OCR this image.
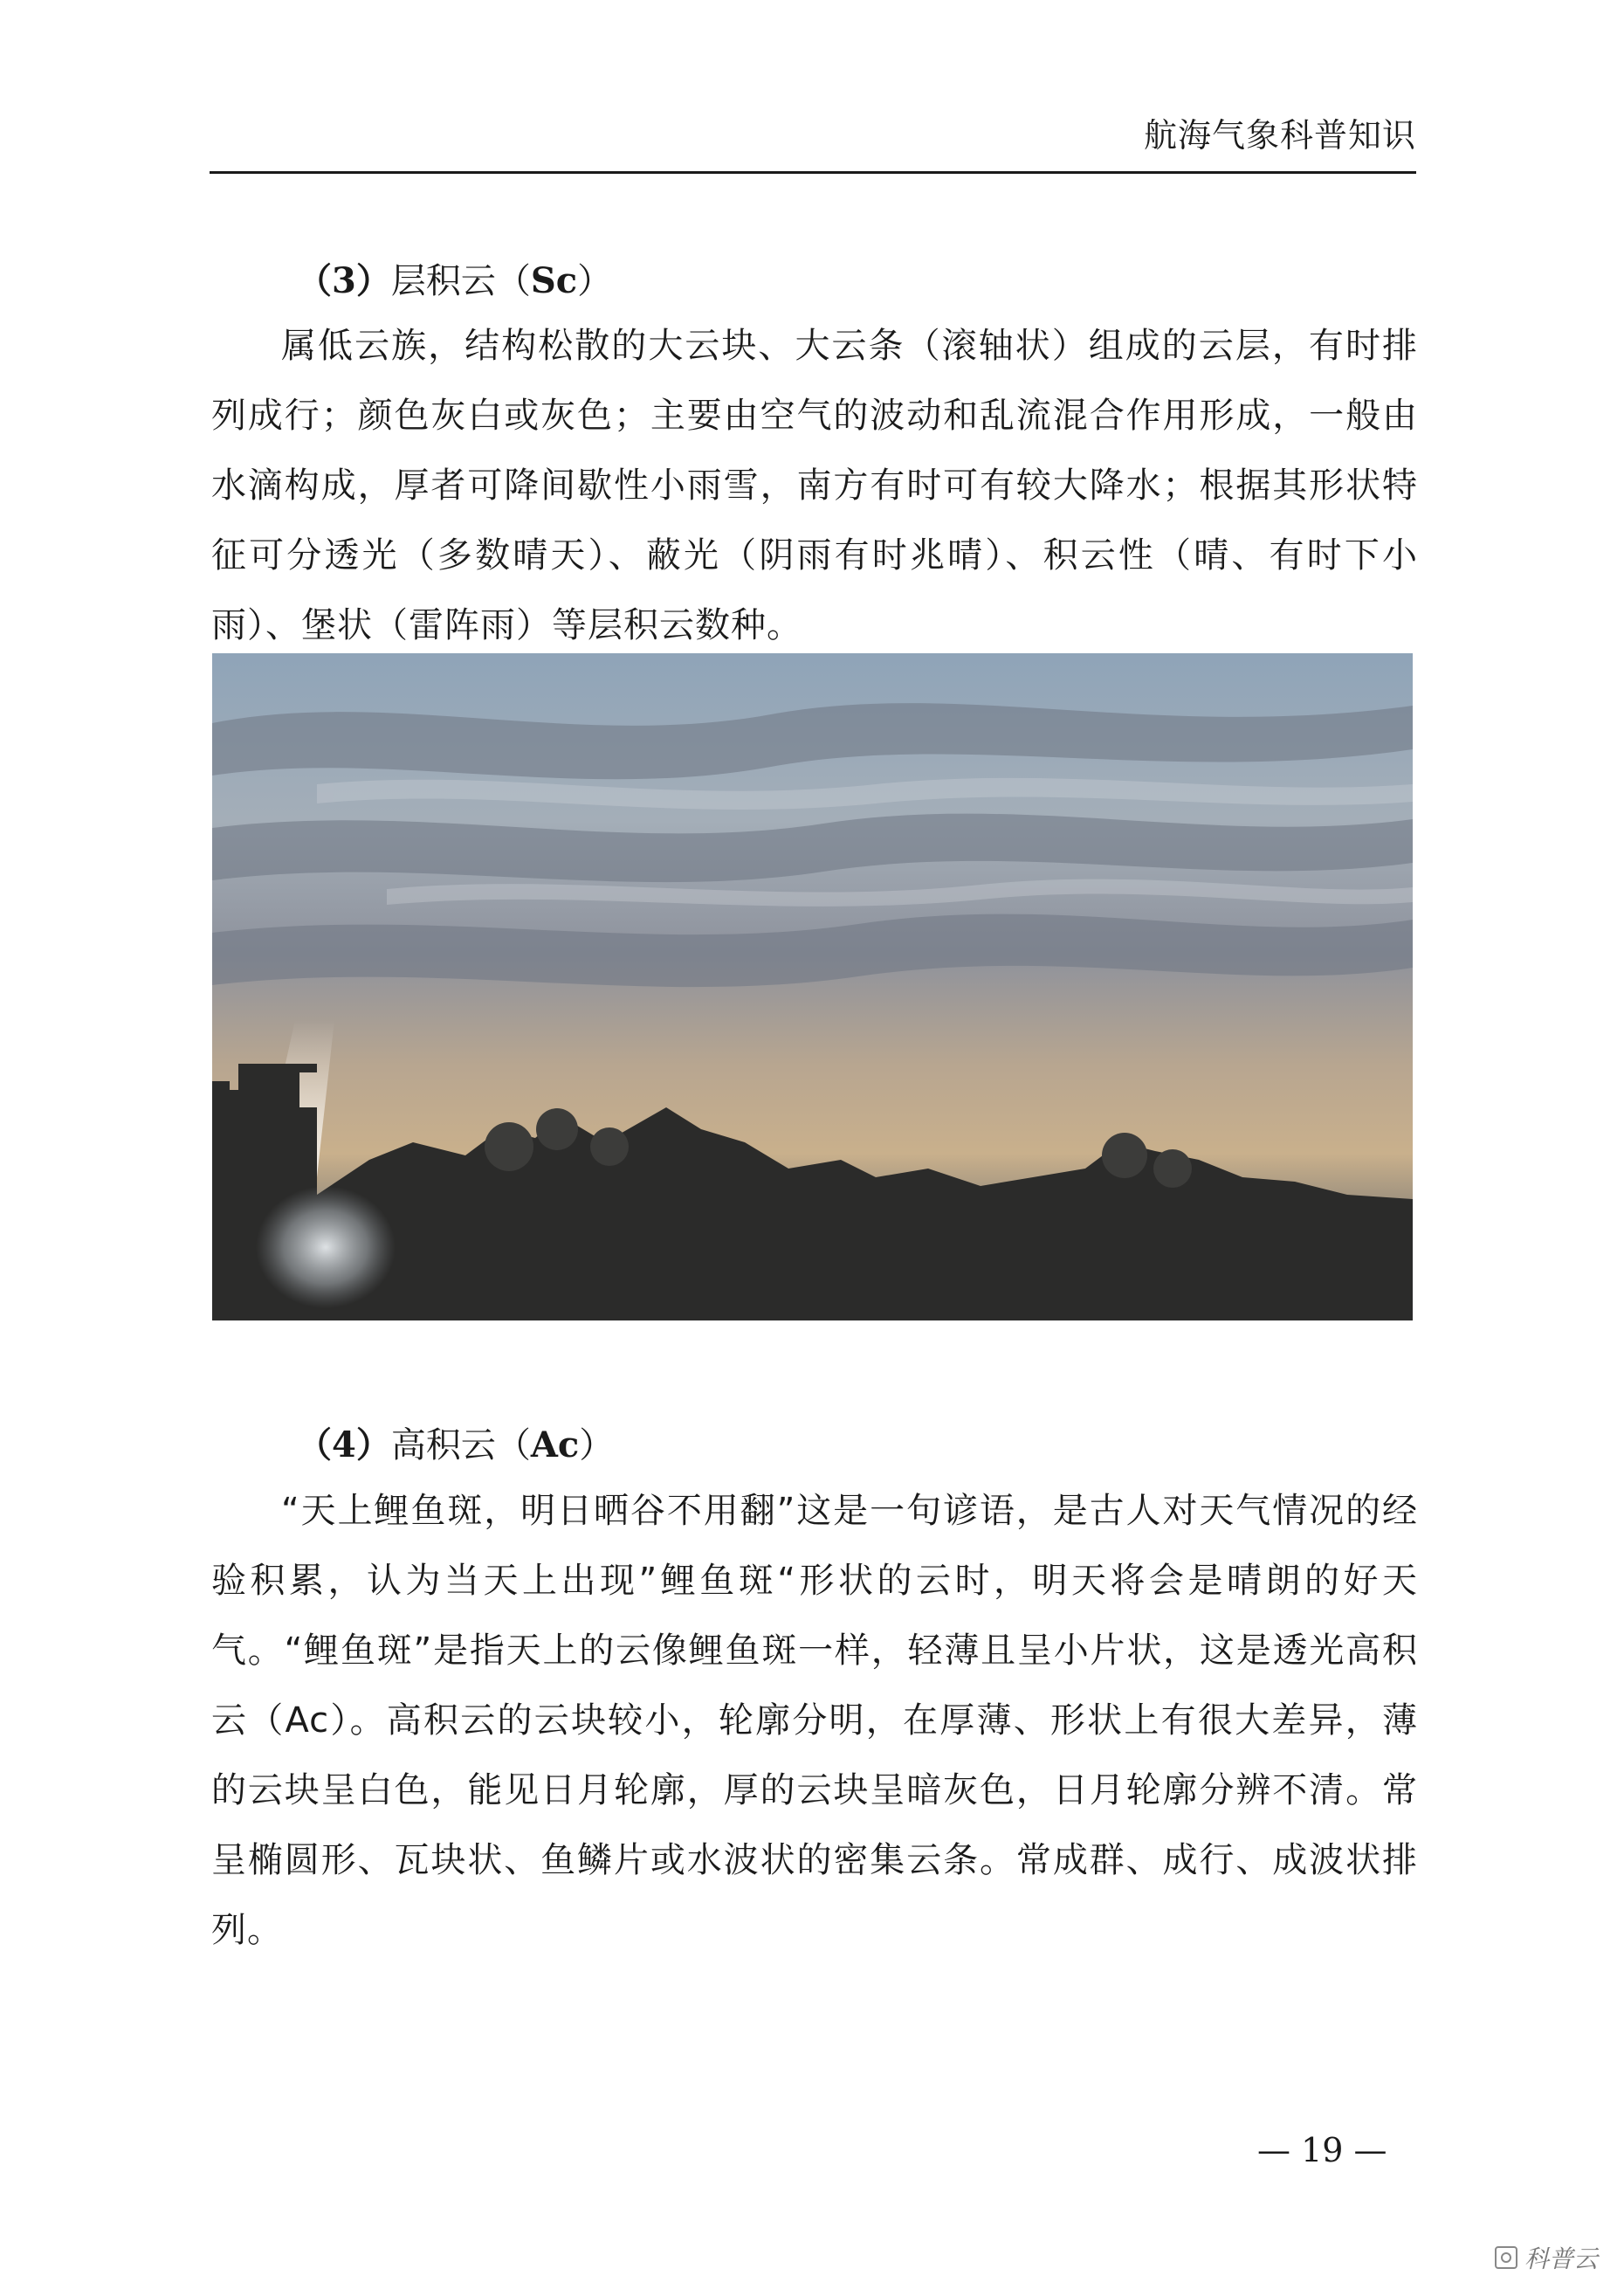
航海气象科普知识
（3）层积云（Sc）

属低云族，结构松散的大云块、大云条（滚轴状）组成的云层，有时排列成行；颜色灰白或灰色；主要由空气的波动和乱流混合作用形成，一般由水滴构成，厚者可降间歇性小雨雪，南方有时可有较大降水；根据其形状特征可分透光（多数晴天）、蔽光（阴雨有时兆晴）、积云性（晴、有时下小雨）、堡状（雷阵雨）等层积云数种。

（4）高积云（Ac）

“天上鲤鱼斑，明日晒谷不用翻”这是一句谚语，是古人对天气情况的经验积累，认为当天上出现”鲤鱼斑“形状的云时，明天将会是晴朗的好天气。“鲤鱼斑”是指天上的云像鲤鱼斑一样，轻薄且呈小片状，这是透光高积云（Ac）。高积云的云块较小，轮廓分明，在厚薄、形状上有很大差异，薄的云块呈白色，能见日月轮廓，厚的云块呈暗灰色，日月轮廓分辨不清。常呈椭圆形、瓦块状、鱼鳞片或水波状的密集云条。常成群、成行、成波状排列。

— 19 —
科普云
